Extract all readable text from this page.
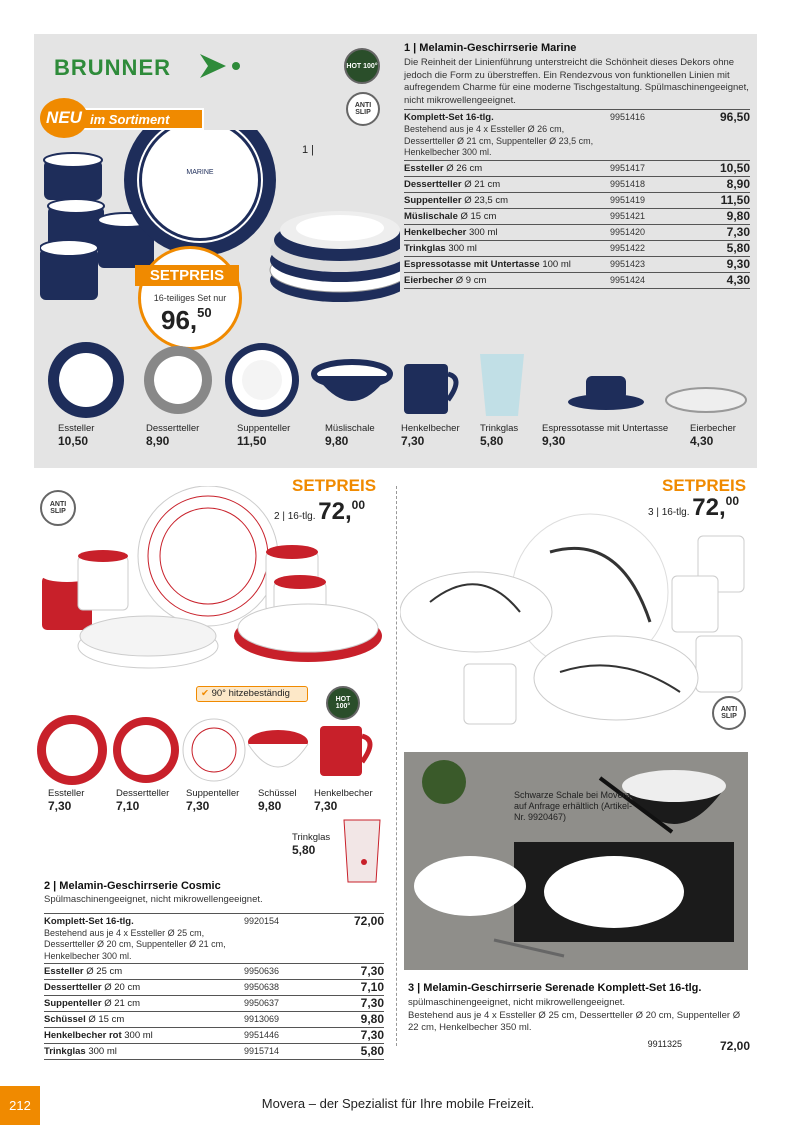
BRUNNER
im Sortiment
NEU
MARINE
SETPREIS
16-teiliges Set nur
96,50
HOT 100°
ANTI SLIP
1 |
1 | Melamin-Geschirrserie Marine
Die Reinheit der Linienführung unterstreicht die Schönheit dieses Dekors ohne jedoch die Form zu überstreffen. Ein Rendezvous von funktionellen Linien mit aufregendem Charme für eine moderne Tischgestaltung. Spülmaschinengeeignet, nicht mikrowellengeeignet.
Komplett-Set 16-tlg.
Bestehend aus je 4 x Essteller Ø 26 cm,
Dessertteller Ø 21 cm, Suppenteller Ø 23,5 cm,
Henkelbecher 300 ml.	9951416	96,50
Essteller Ø 26 cm	9951417	10,50
Dessertteller Ø 21 cm	9951418	8,90
Suppenteller Ø 23,5 cm	9951419	11,50
Müslischale Ø 15 cm	9951421	9,80
Henkelbecher 300 ml	9951420	7,30
Trinkglas 300 ml	9951422	5,80
Espressotasse mit Untertasse 100 ml	9951423	9,30
Eierbecher Ø 9 cm	9951424	4,30
Essteller
10,50
Dessertteller
8,90
Suppenteller
11,50
Müslischale
9,80
Henkelbecher
7,30
Trinkglas
5,80
Espressotasse mit Untertasse
9,30
Eierbecher
4,30
ANTI SLIP
SETPREIS
2 | 16-tlg. 72,00
✔ 90° hitzebeständig
HOT 100°
Essteller
7,30
Dessertteller
7,10
Suppenteller
7,30
Schüssel
9,80
Henkelbecher
7,30
Trinkglas
5,80
2 | Melamin-Geschirrserie Cosmic
Spülmaschinengeeignet, nicht mikrowellengeeignet.
Komplett-Set 16-tlg.
Bestehend aus je 4 x Essteller Ø 25 cm,
Dessertteller Ø 20 cm, Suppenteller Ø 21 cm,
Henkelbecher 300 ml.	9920154	72,00
Essteller Ø 25 cm	9950636	7,30
Dessertteller Ø 20 cm	9950638	7,10
Suppenteller Ø 21 cm	9950637	7,30
Schüssel Ø 15 cm	9913069	9,80
Henkelbecher rot 300 ml	9951446	7,30
Trinkglas 300 ml	9915714	5,80
SETPREIS
3 | 16-tlg. 72,00
ANTI SLIP
Schwarze Schale bei Movera auf Anfrage erhältlich (Artikel-Nr. 9920467)
3 | Melamin-Geschirrserie Serenade Komplett-Set 16-tlg.
spülmaschinengeeignet, nicht mikrowellengeeignet.
Bestehend aus je 4 x Essteller Ø 25 cm, Dessertteller Ø 20 cm, Suppenteller Ø 22 cm, Henkelbecher 350 ml.
9911325	72,00
Movera – der Spezialist für Ihre mobile Freizeit.
212
